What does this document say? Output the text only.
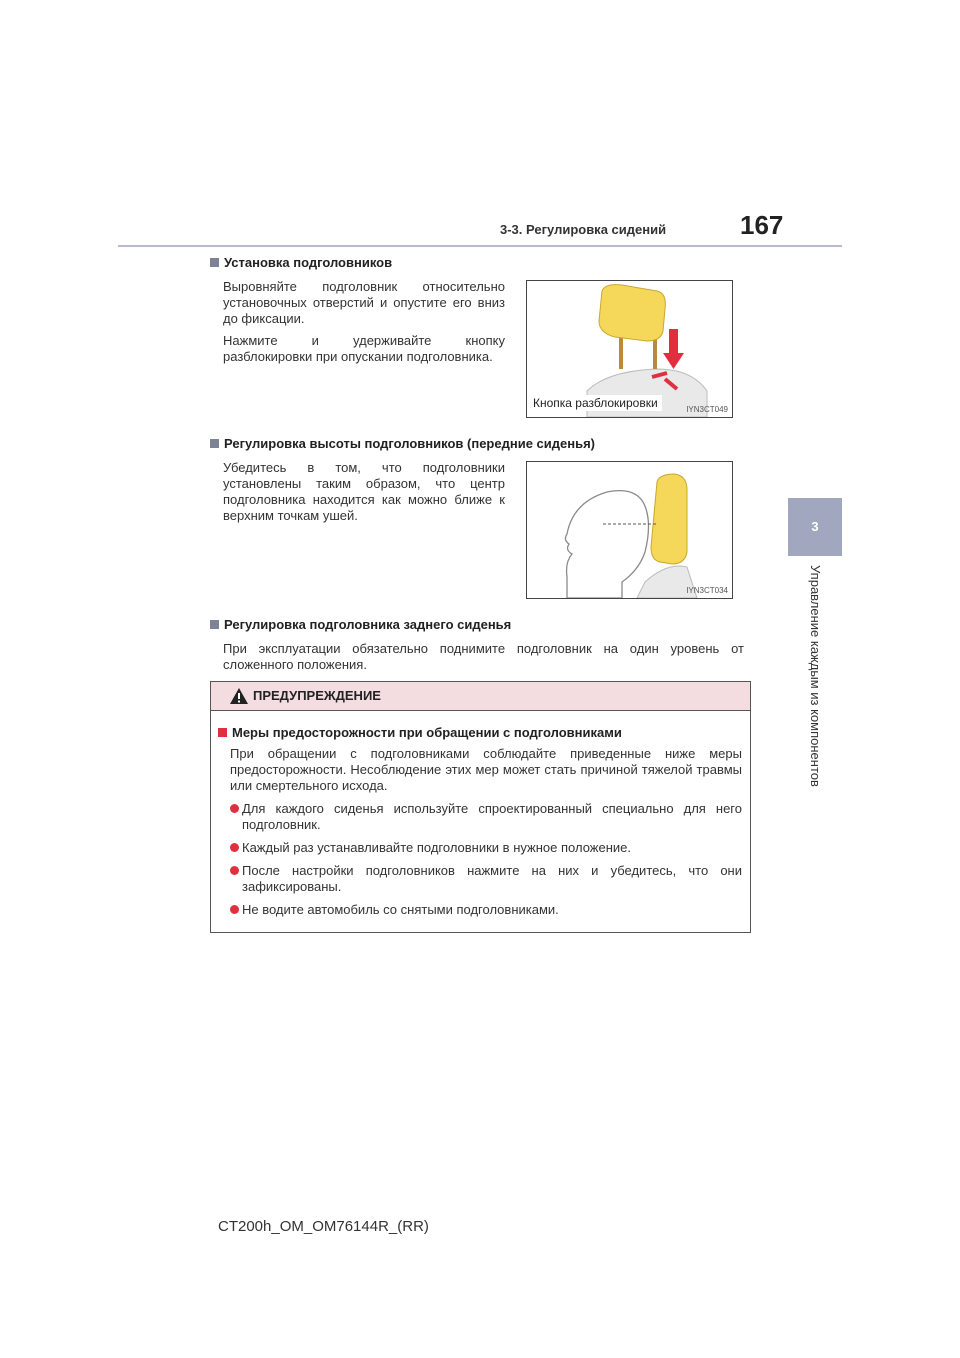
3-3. Регулировка сидений	167
3
Управление каждым из компонентов
Установка подголовников

Выровняйте подголовник относительно установочных отверстий и опустите его вниз до фиксации.

Нажмите и удерживайте кнопку разблокировки при опускании подголовника.

Кнопка разблокировки	IYN3CT049
Регулировка высоты подголовников (передние сиденья)

Убедитесь в том, что подголовники установлены таким образом, что центр подголовника находится как можно ближе к верхним точкам ушей.

IYN3CT034
Регулировка подголовника заднего сиденья

При эксплуатации обязательно поднимите подголовник на один уровень от сложенного положения.

ПРЕДУПРЕЖДЕНИЕ
Меры предосторожности при обращении с подголовниками
При обращении с подголовниками соблюдайте приведенные ниже меры предосторожности. Несоблюдение этих мер может стать причиной тяжелой травмы или смертельного исхода.
Для каждого сиденья используйте спроектированный специально для него подголовник.
Каждый раз устанавливайте подголовники в нужное положение.
После настройки подголовников нажмите на них и убедитесь, что они зафиксированы.
Не водите автомобиль со снятыми подголовниками.
CT200h_OM_OM76144R_(RR)
